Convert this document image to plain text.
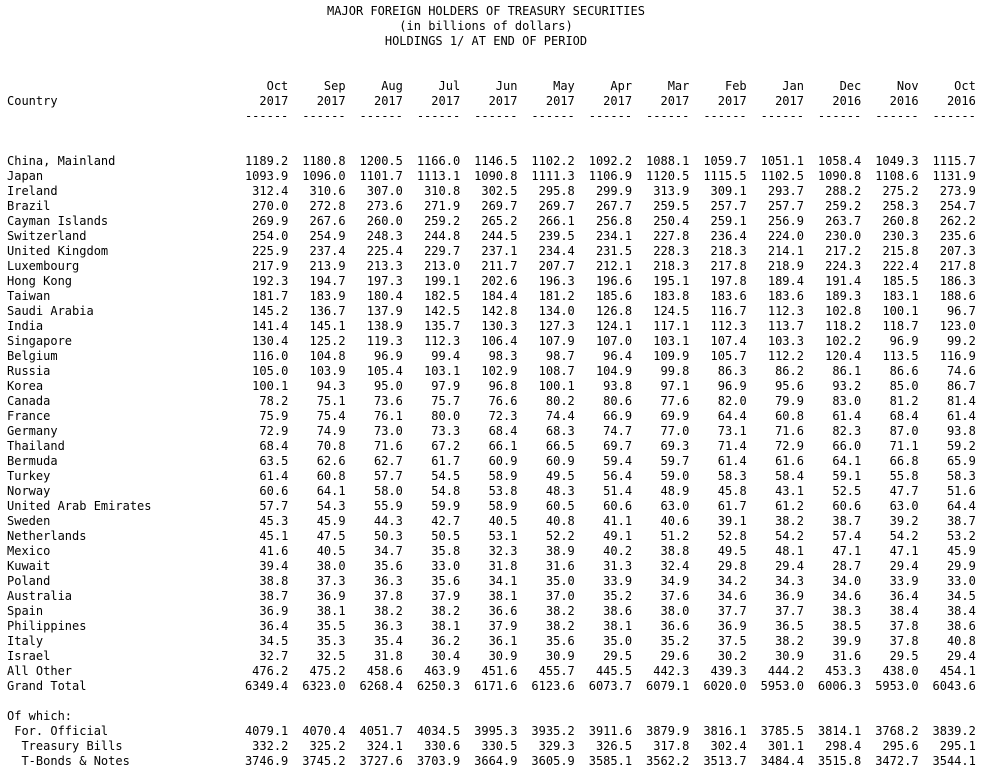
MAJOR FOREIGN HOLDERS OF TREASURY SECURITIES
(in billions of dollars)
HOLDINGS 1/ AT END OF PERIOD
	Oct	Sep	Aug	Jul	Jun	May	Apr	Mar	Feb	Jan	Dec	Nov	Oct
Country	2017	2017	2017	2017	2017	2017	2017	2017	2017	2017	2016	2016	2016
	------	------	------	------	------	------	------	------	------	------	------	------	------

China, Mainland	1189.2	1180.8	1200.5	1166.0	1146.5	1102.2	1092.2	1088.1	1059.7	1051.1	1058.4	1049.3	1115.7
Japan	1093.9	1096.0	1101.7	1113.1	1090.8	1111.3	1106.9	1120.5	1115.5	1102.5	1090.8	1108.6	1131.9
Ireland	312.4	310.6	307.0	310.8	302.5	295.8	299.9	313.9	309.1	293.7	288.2	275.2	273.9
Brazil	270.0	272.8	273.6	271.9	269.7	269.7	267.7	259.5	257.7	257.7	259.2	258.3	254.7
Cayman Islands	269.9	267.6	260.0	259.2	265.2	266.1	256.8	250.4	259.1	256.9	263.7	260.8	262.2
Switzerland	254.0	254.9	248.3	244.8	244.5	239.5	234.1	227.8	236.4	224.0	230.0	230.3	235.6
United Kingdom	225.9	237.4	225.4	229.7	237.1	234.4	231.5	228.3	218.3	214.1	217.2	215.8	207.3
Luxembourg	217.9	213.9	213.3	213.0	211.7	207.7	212.1	218.3	217.8	218.9	224.3	222.4	217.8
Hong Kong	192.3	194.7	197.3	199.1	202.6	196.3	196.6	195.1	197.8	189.4	191.4	185.5	186.3
Taiwan	181.7	183.9	180.4	182.5	184.4	181.2	185.6	183.8	183.6	183.6	189.3	183.1	188.6
Saudi Arabia	145.2	136.7	137.9	142.5	142.8	134.0	126.8	124.5	116.7	112.3	102.8	100.1	96.7
India	141.4	145.1	138.9	135.7	130.3	127.3	124.1	117.1	112.3	113.7	118.2	118.7	123.0
Singapore	130.4	125.2	119.3	112.3	106.4	107.9	107.0	103.1	107.4	103.3	102.2	96.9	99.2
Belgium	116.0	104.8	96.9	99.4	98.3	98.7	96.4	109.9	105.7	112.2	120.4	113.5	116.9
Russia	105.0	103.9	105.4	103.1	102.9	108.7	104.9	99.8	86.3	86.2	86.1	86.6	74.6
Korea	100.1	94.3	95.0	97.9	96.8	100.1	93.8	97.1	96.9	95.6	93.2	85.0	86.7
Canada	78.2	75.1	73.6	75.7	76.6	80.2	80.6	77.6	82.0	79.9	83.0	81.2	81.4
France	75.9	75.4	76.1	80.0	72.3	74.4	66.9	69.9	64.4	60.8	61.4	68.4	61.4
Germany	72.9	74.9	73.0	73.3	68.4	68.3	74.7	77.0	73.1	71.6	82.3	87.0	93.8
Thailand	68.4	70.8	71.6	67.2	66.1	66.5	69.7	69.3	71.4	72.9	66.0	71.1	59.2
Bermuda	63.5	62.6	62.7	61.7	60.9	60.9	59.4	59.7	61.4	61.6	64.1	66.8	65.9
Turkey	61.4	60.8	57.7	54.5	58.9	49.5	56.4	59.0	58.3	58.4	59.1	55.8	58.3
Norway	60.6	64.1	58.0	54.8	53.8	48.3	51.4	48.9	45.8	43.1	52.5	47.7	51.6
United Arab Emirates	57.7	54.3	55.9	59.9	58.9	60.5	60.6	63.0	61.7	61.2	60.6	63.0	64.4
Sweden	45.3	45.9	44.3	42.7	40.5	40.8	41.1	40.6	39.1	38.2	38.7	39.2	38.7
Netherlands	45.1	47.5	50.3	50.5	53.1	52.2	49.1	51.2	52.8	54.2	57.4	54.2	53.2
Mexico	41.6	40.5	34.7	35.8	32.3	38.9	40.2	38.8	49.5	48.1	47.1	47.1	45.9
Kuwait	39.4	38.0	35.6	33.0	31.8	31.6	31.3	32.4	29.8	29.4	28.7	29.4	29.9
Poland	38.8	37.3	36.3	35.6	34.1	35.0	33.9	34.9	34.2	34.3	34.0	33.9	33.0
Australia	38.7	36.9	37.8	37.9	38.1	37.0	35.2	37.6	34.6	36.9	34.6	36.4	34.5
Spain	36.9	38.1	38.2	38.2	36.6	38.2	38.6	38.0	37.7	37.7	38.3	38.4	38.4
Philippines	36.4	35.5	36.3	38.1	37.9	38.2	38.1	36.6	36.9	36.5	38.5	37.8	38.6
Italy	34.5	35.3	35.4	36.2	36.1	35.6	35.0	35.2	37.5	38.2	39.9	37.8	40.8
Israel	32.7	32.5	31.8	30.4	30.9	30.9	29.5	29.6	30.2	30.9	31.6	29.5	29.4
All Other	476.2	475.2	458.6	463.9	451.6	455.7	445.5	442.3	439.3	444.2	453.3	438.0	454.1
Grand Total	6349.4	6323.0	6268.4	6250.3	6171.6	6123.6	6073.7	6079.1	6020.0	5953.0	6006.3	5953.0	6043.6

Of which:													
For. Official	4079.1	4070.4	4051.7	4034.5	3995.3	3935.2	3911.6	3879.9	3816.1	3785.5	3814.1	3768.2	3839.2
Treasury Bills	332.2	325.2	324.1	330.6	330.5	329.3	326.5	317.8	302.4	301.1	298.4	295.6	295.1
T-Bonds & Notes	3746.9	3745.2	3727.6	3703.9	3664.9	3605.9	3585.1	3562.2	3513.7	3484.4	3515.8	3472.7	3544.1
